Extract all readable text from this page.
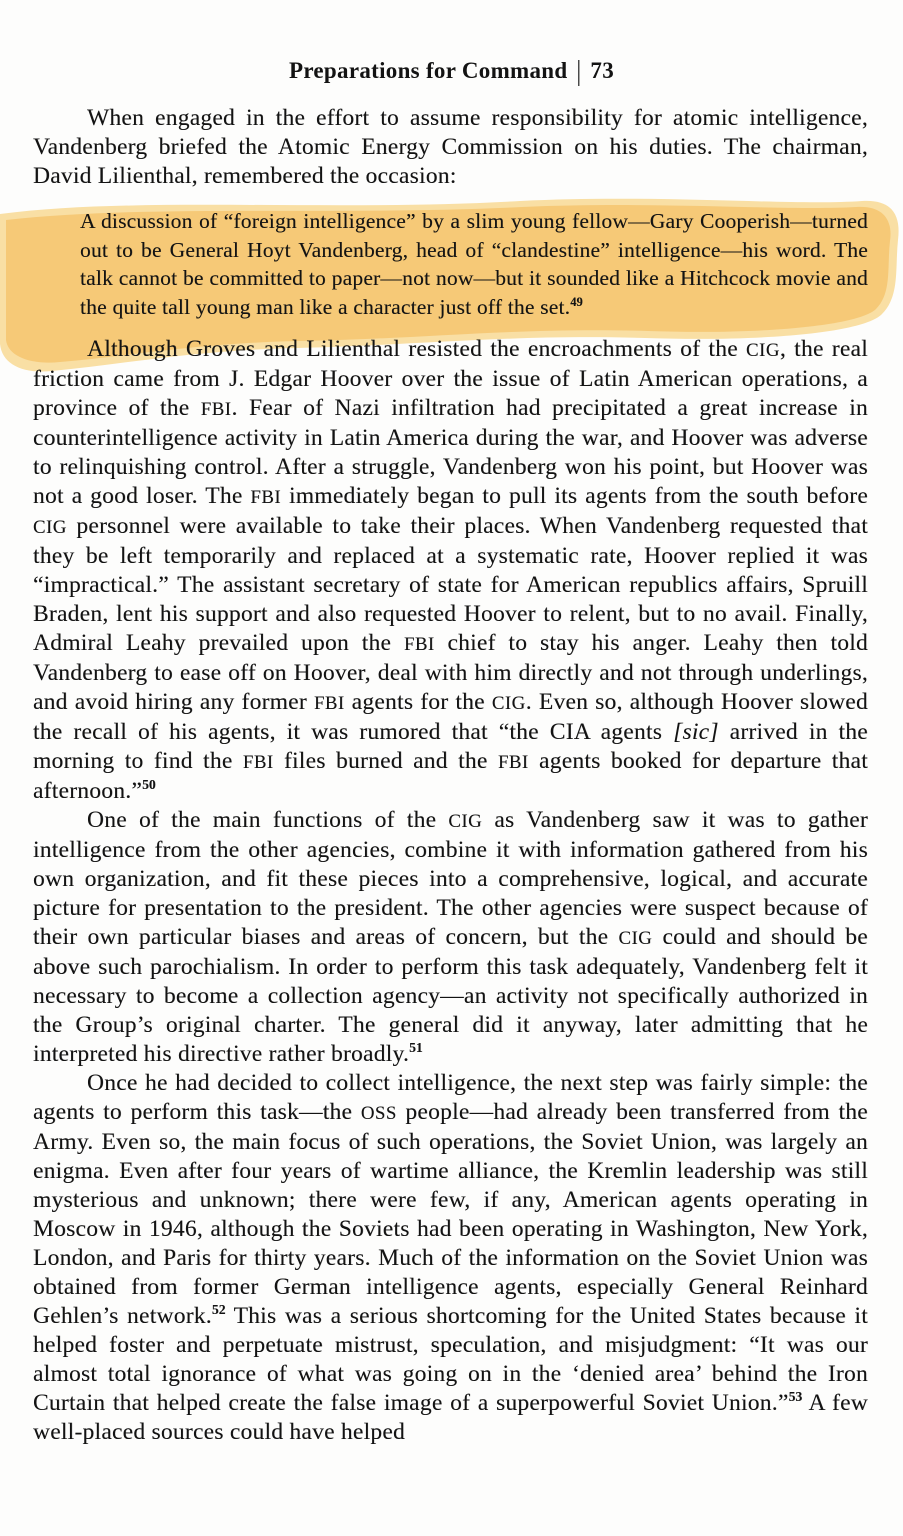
Preparations for Command | 73

When engaged in the effort to assume responsibility for atomic intelligence, Vandenberg briefed the Atomic Energy Commission on his duties. The chairman, David Lilienthal, remembered the occasion:

A discussion of “foreign intelligence” by a slim young fellow—Gary Cooperish—turned out to be General Hoyt Vandenberg, head of “clandestine” intelligence—his word. The talk cannot be committed to paper—not now—but it sounded like a Hitchcock movie and the quite tall young man like a character just off the set.$^{49}$

Although Groves and Lilienthal resisted the encroachments of the CIG, the real friction came from J. Edgar Hoover over the issue of Latin American operations, a province of the FBI. Fear of Nazi infiltration had precipitated a great increase in counterintelligence activity in Latin America during the war, and Hoover was adverse to relinquishing control. After a struggle, Vandenberg won his point, but Hoover was not a good loser. The FBI immediately began to pull its agents from the south before CIG personnel were available to take their places. When Vandenberg requested that they be left temporarily and replaced at a systematic rate, Hoover replied it was “impractical.” The assistant secretary of state for American republics affairs, Spruill Braden, lent his support and also requested Hoover to relent, but to no avail. Finally, Admiral Leahy prevailed upon the FBI chief to stay his anger. Leahy then told Vandenberg to ease off on Hoover, deal with him directly and not through underlings, and avoid hiring any former FBI agents for the CIG. Even so, although Hoover slowed the recall of his agents, it was rumored that “the CIA agents [sic] arrived in the morning to find the FBI files burned and the FBI agents booked for departure that afternoon.”$^{50}$

One of the main functions of the CIG as Vandenberg saw it was to gather intelligence from the other agencies, combine it with information gathered from his own organization, and fit these pieces into a comprehensive, logical, and accurate picture for presentation to the president. The other agencies were suspect because of their own particular biases and areas of concern, but the CIG could and should be above such parochialism. In order to perform this task adequately, Vandenberg felt it necessary to become a collection agency—an activity not specifically authorized in the Group’s original charter. The general did it anyway, later admitting that he interpreted his directive rather broadly.$^{51}$

Once he had decided to collect intelligence, the next step was fairly simple: the agents to perform this task—the OSS people—had already been transferred from the Army. Even so, the main focus of such operations, the Soviet Union, was largely an enigma. Even after four years of wartime alliance, the Kremlin leadership was still mysterious and unknown; there were few, if any, American agents operating in Moscow in 1946, although the Soviets had been operating in Washington, New York, London, and Paris for thirty years. Much of the information on the Soviet Union was obtained from former German intelligence agents, especially General Reinhard Gehlen’s network.$^{52}$ This was a serious shortcoming for the United States because it helped foster and perpetuate mistrust, speculation, and misjudgment: “It was our almost total ignorance of what was going on in the ‘denied area’ behind the Iron Curtain that helped create the false image of a superpowerful Soviet Union.”$^{53}$ A few well-placed sources could have helped
